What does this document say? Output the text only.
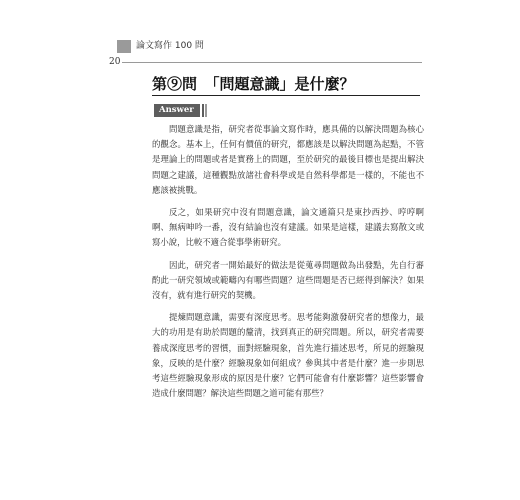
論文寫作 100 問
20
第⑨問　「問題意識」是什麼？
Answer

問題意識是指，研究者從事論文寫作時，應具備的以解決問題為核心的觀念。基本上，任何有價值的研究，都應該是以解決問題為起點，不管是理論上的問題或者是實務上的問題，至於研究的最後目標也是提出解決問題之建議，這種觀點放諸社會科學或是自然科學都是一樣的，不能也不應該被挑戰。

反之，如果研究中沒有問題意識，論文通篇只是東抄西抄、哼哼啊啊、無病呻吟一番，沒有結論也沒有建議。如果是這樣，建議去寫散文或寫小說，比較不適合從事學術研究。

因此，研究者一開始最好的做法是從蒐尋問題做為出發點，先自行審酌此一研究領域或範疇內有哪些問題？這些問題是否已經得到解決？如果沒有，就有進行研究的契機。

提煉問題意識，需要有深度思考。思考能夠激發研究者的想像力，最大的功用是有助於問題的釐清，找到真正的研究問題。所以，研究者需要養成深度思考的習慣，面對經驗現象，首先進行描述思考，所見的經驗現象，反映的是什麼？經驗現象如何組成？參與其中者是什麼？進一步則思考這些經驗現象形成的原因是什麼？它們可能會有什麼影響？這些影響會造成什麼問題？解決這些問題之道可能有那些？
